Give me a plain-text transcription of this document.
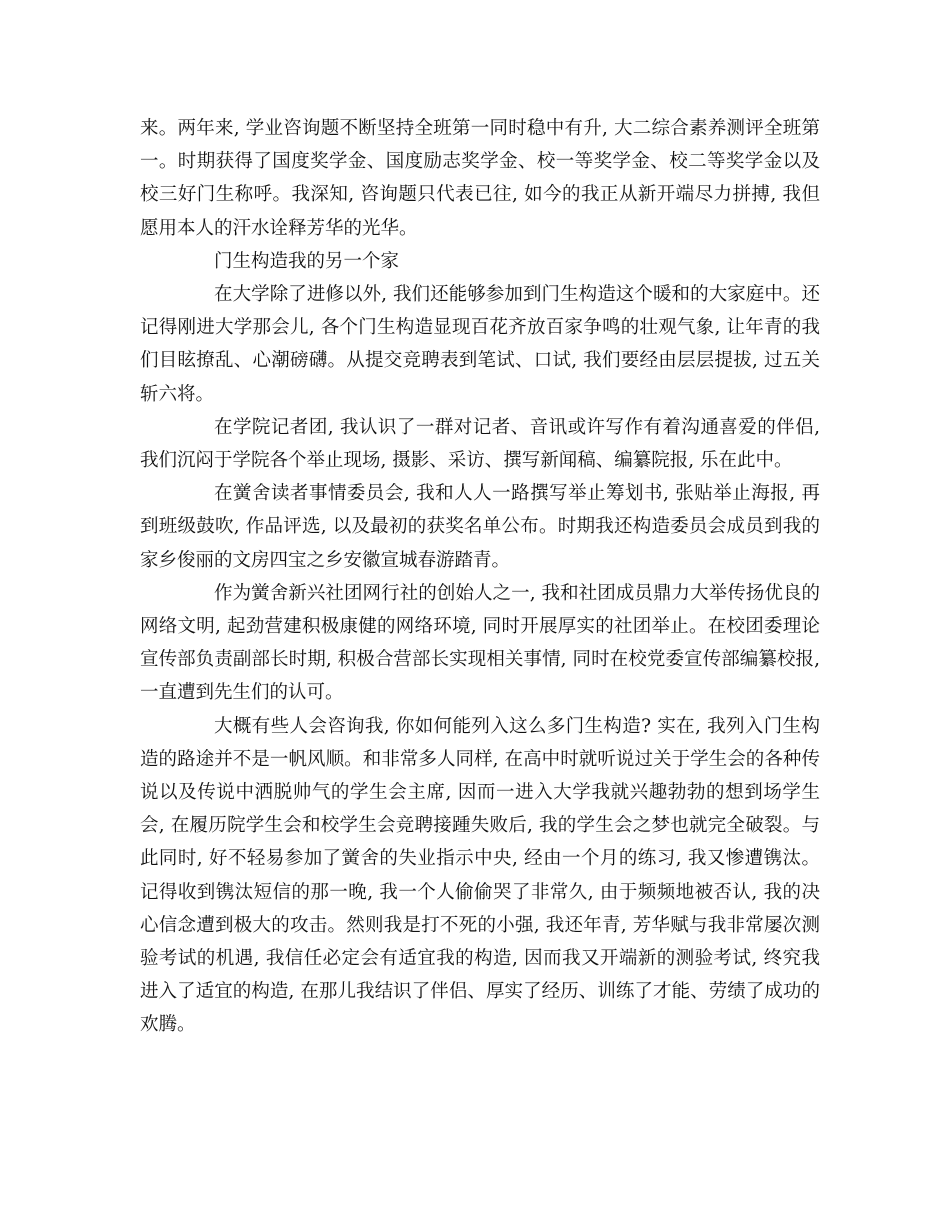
来。两年来, 学业咨询题不断坚持全班第一同时稳中有升, 大二综合素养测评全班第一。时期获得了国度奖学金、国度励志奖学金、校一等奖学金、校二等奖学金以及校三好门生称呼。我深知, 咨询题只代表已往, 如今的我正从新开端尽力拼搏, 我但愿用本人的汗水诠释芳华的光华。

门生构造我的另一个家

在大学除了进修以外, 我们还能够参加到门生构造这个暖和的大家庭中。还记得刚进大学那会儿, 各个门生构造显现百花齐放百家争鸣的壮观气象, 让年青的我们目眩撩乱、心潮磅礴。从提交竞聘表到笔试、口试, 我们要经由层层提拔, 过五关斩六将。

在学院记者团, 我认识了一群对记者、音讯或许写作有着沟通喜爱的伴侣, 我们沉闷于学院各个举止现场, 摄影、采访、撰写新闻稿、编纂院报, 乐在此中。

在黉舍读者事情委员会, 我和人人一路撰写举止筹划书, 张贴举止海报, 再到班级鼓吹, 作品评选, 以及最初的获奖名单公布。时期我还构造委员会成员到我的家乡俊丽的文房四宝之乡安徽宣城春游踏青。

作为黉舍新兴社团网行社的创始人之一, 我和社团成员鼎力大举传扬优良的网络文明, 起劲营建积极康健的网络环境, 同时开展厚实的社团举止。在校团委理论宣传部负责副部长时期, 积极合营部长实现相关事情, 同时在校党委宣传部编纂校报, 一直遭到先生们的认可。

大概有些人会咨询我, 你如何能列入这么多门生构造? 实在, 我列入门生构造的路途并不是一帆风顺。和非常多人同样, 在高中时就听说过关于学生会的各种传说以及传说中洒脱帅气的学生会主席, 因而一进入大学我就兴趣勃勃的想到场学生会, 在履历院学生会和校学生会竞聘接踵失败后, 我的学生会之梦也就完全破裂。与此同时, 好不轻易参加了黉舍的失业指示中央, 经由一个月的练习, 我又惨遭镌汰。记得收到镌汰短信的那一晚, 我一个人偷偷哭了非常久, 由于频频地被否认, 我的决心信念遭到极大的攻击。然则我是打不死的小强, 我还年青, 芳华赋与我非常屡次测验考试的机遇, 我信任必定会有适宜我的构造, 因而我又开端新的测验考试, 终究我进入了适宜的构造, 在那儿我结识了伴侣、厚实了经历、训练了才能、劳绩了成功的欢腾。
